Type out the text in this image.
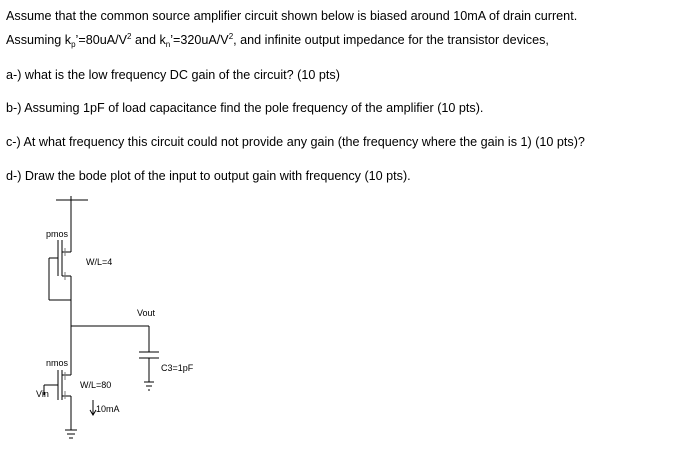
Assume that the common source amplifier circuit shown below is biased around 10mA of drain current.
Assuming $k_p’=80uA/V^2$ and $k_n’=320uA/V^2$, and infinite output impedance for the transistor devices,
a-) what is the low frequency DC gain of the circuit? (10 pts)
b-) Assuming 1pF of load capacitance find the pole frequency of the amplifier (10 pts).
c-) At what frequency this circuit could not provide any gain (the frequency where the gain is 1) (10 pts)?
d-) Draw the bode plot of the input to output gain with frequency (10 pts).
pmos
W/L=4
Vout
C3=1pF
nmos
W/L=80
Vin
10mA
